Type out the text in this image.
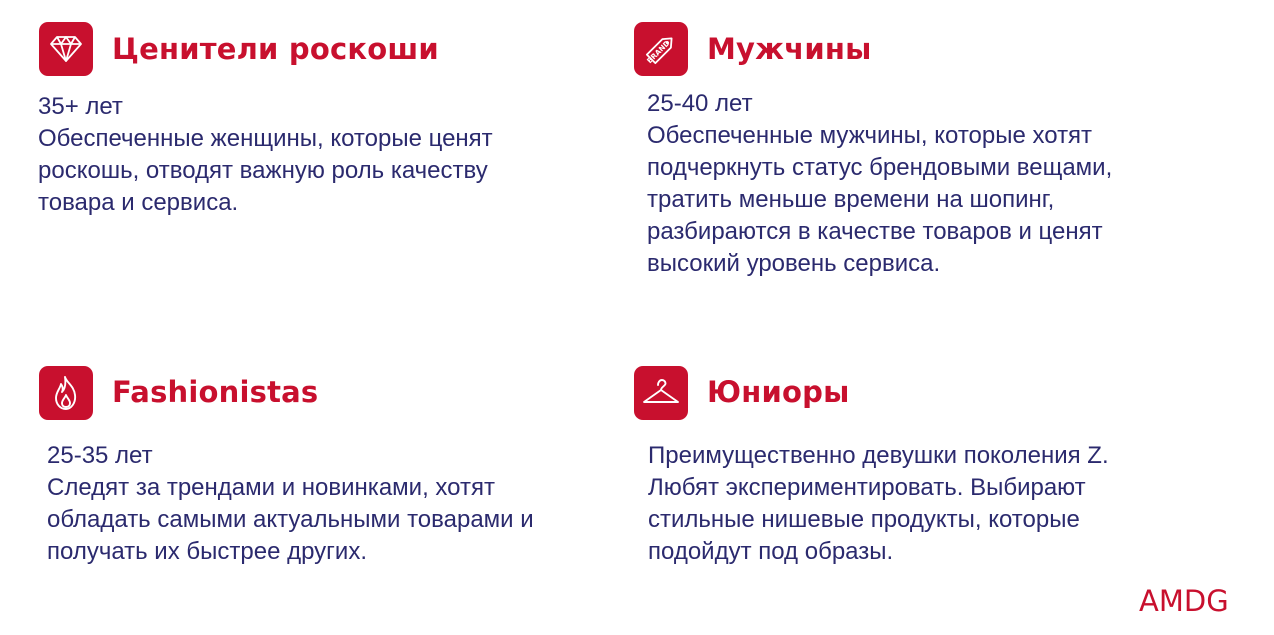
Ценители роскоши
35+ лет
Обеспеченные женщины, которые ценят
роскошь, отводят важную роль качеству
товара и сервиса.
BRAND Мужчины
25-40 лет
Обеспеченные мужчины, которые хотят
подчеркнуть статус брендовыми вещами,
тратить меньше времени на шопинг,
разбираются в качестве товаров и ценят
высокий уровень сервиса.
Fashionistas
25-35 лет
Следят за трендами и новинками, хотят
обладать самыми актуальными товарами и
получать их быстрее других.
Юниоры
Преимущественно девушки поколения Z.
Любят экспериментировать. Выбирают
стильные нишевые продукты, которые
подойдут под образы.
AMDG
